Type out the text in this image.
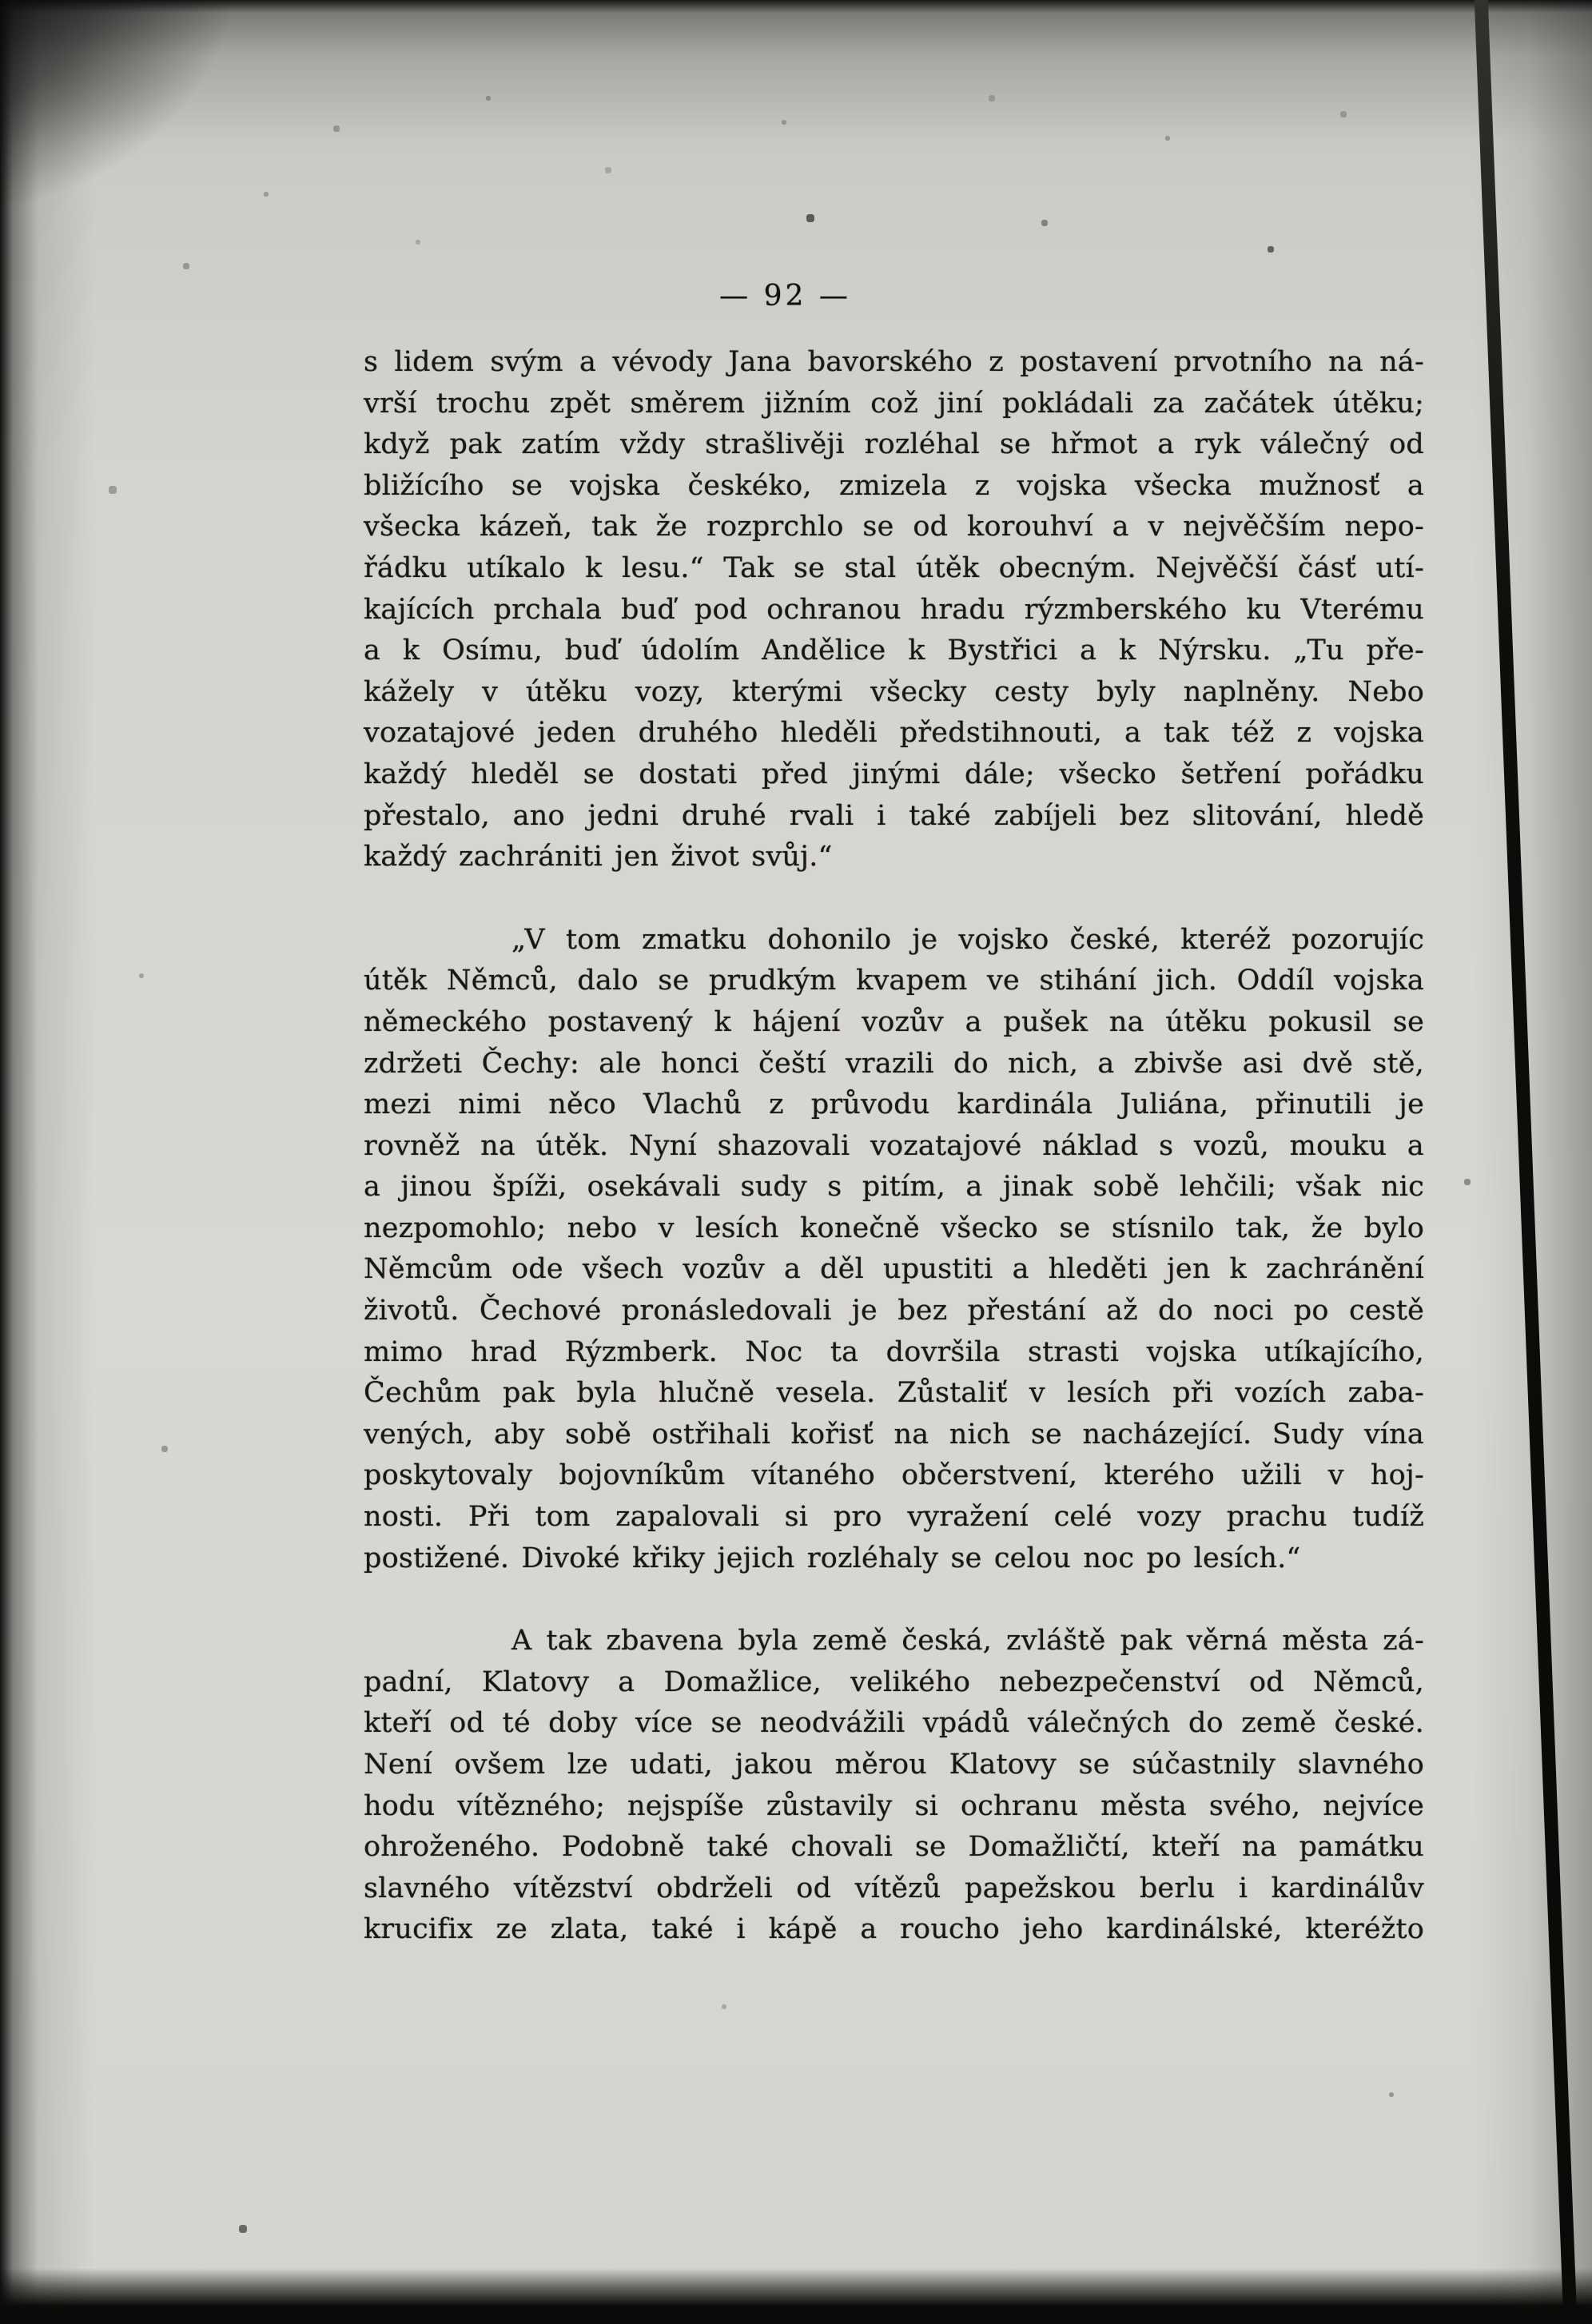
— 92 —
s lidem svým a vévody Jana bavorského z postavení prvotního na ná-
vrší trochu zpět směrem jižním což jiní pokládali za začátek útěku;
když pak zatím vždy strašlivěji rozléhal se hřmot a ryk válečný od
bližícího se vojska českéko, zmizela z vojska všecka mužnosť a
všecka kázeň, tak že rozprchlo se od korouhví a v nejvěčším nepo-
řádku utíkalo k lesu.“ Tak se stal útěk obecným. Nejvěčší čásť utí-
kajících prchala buď pod ochranou hradu rýzmberského ku Vterému
a k Osímu, buď údolím Andělice k Bystřici a k Nýrsku. „Tu pře-
kážely v útěku vozy, kterými všecky cesty byly naplněny. Nebo
vozatajové jeden druhého hleděli předstihnouti, a tak též z vojska
každý hleděl se dostati před jinými dále; všecko šetření pořádku
přestalo, ano jedni druhé rvali i také zabíjeli bez slitování, hledě
každý zachrániti jen život svůj.“
„V tom zmatku dohonilo je vojsko české, kteréž pozorujíc
útěk Němců, dalo se prudkým kvapem ve stihání jich. Oddíl vojska
německého postavený k hájení vozův a pušek na útěku pokusil se
zdržeti Čechy: ale honci čeští vrazili do nich, a zbivše asi dvě stě,
mezi nimi něco Vlachů z průvodu kardinála Juliána, přinutili je
rovněž na útěk. Nyní shazovali vozatajové náklad s vozů, mouku a
a jinou špíži, osekávali sudy s pitím, a jinak sobě lehčili; však nic
nezpomohlo; nebo v lesích konečně všecko se stísnilo tak, že bylo
Němcům ode všech vozův a děl upustiti a hleděti jen k zachránění
životů. Čechové pronásledovali je bez přestání až do noci po cestě
mimo hrad Rýzmberk. Noc ta dovršila strasti vojska utíkajícího,
Čechům pak byla hlučně vesela. Zůstaliť v lesích při vozích zaba-
vených, aby sobě ostřihali kořisť na nich se nacházející. Sudy vína
poskytovaly bojovníkům vítaného občerstvení, kterého užili v hoj-
nosti. Při tom zapalovali si pro vyražení celé vozy prachu tudíž
postižené. Divoké křiky jejich rozléhaly se celou noc po lesích.“
A tak zbavena byla země česká, zvláště pak věrná města zá-
padní, Klatovy a Domažlice, velikého nebezpečenství od Němců,
kteří od té doby více se neodvážili vpádů válečných do země české.
Není ovšem lze udati, jakou měrou Klatovy se súčastnily slavného
hodu vítězného; nejspíše zůstavily si ochranu města svého, nejvíce
ohroženého. Podobně také chovali se Domažličtí, kteří na památku
slavného vítězství obdrželi od vítězů papežskou berlu i kardinálův
krucifix ze zlata, také i kápě a roucho jeho kardinálské, kteréžto
